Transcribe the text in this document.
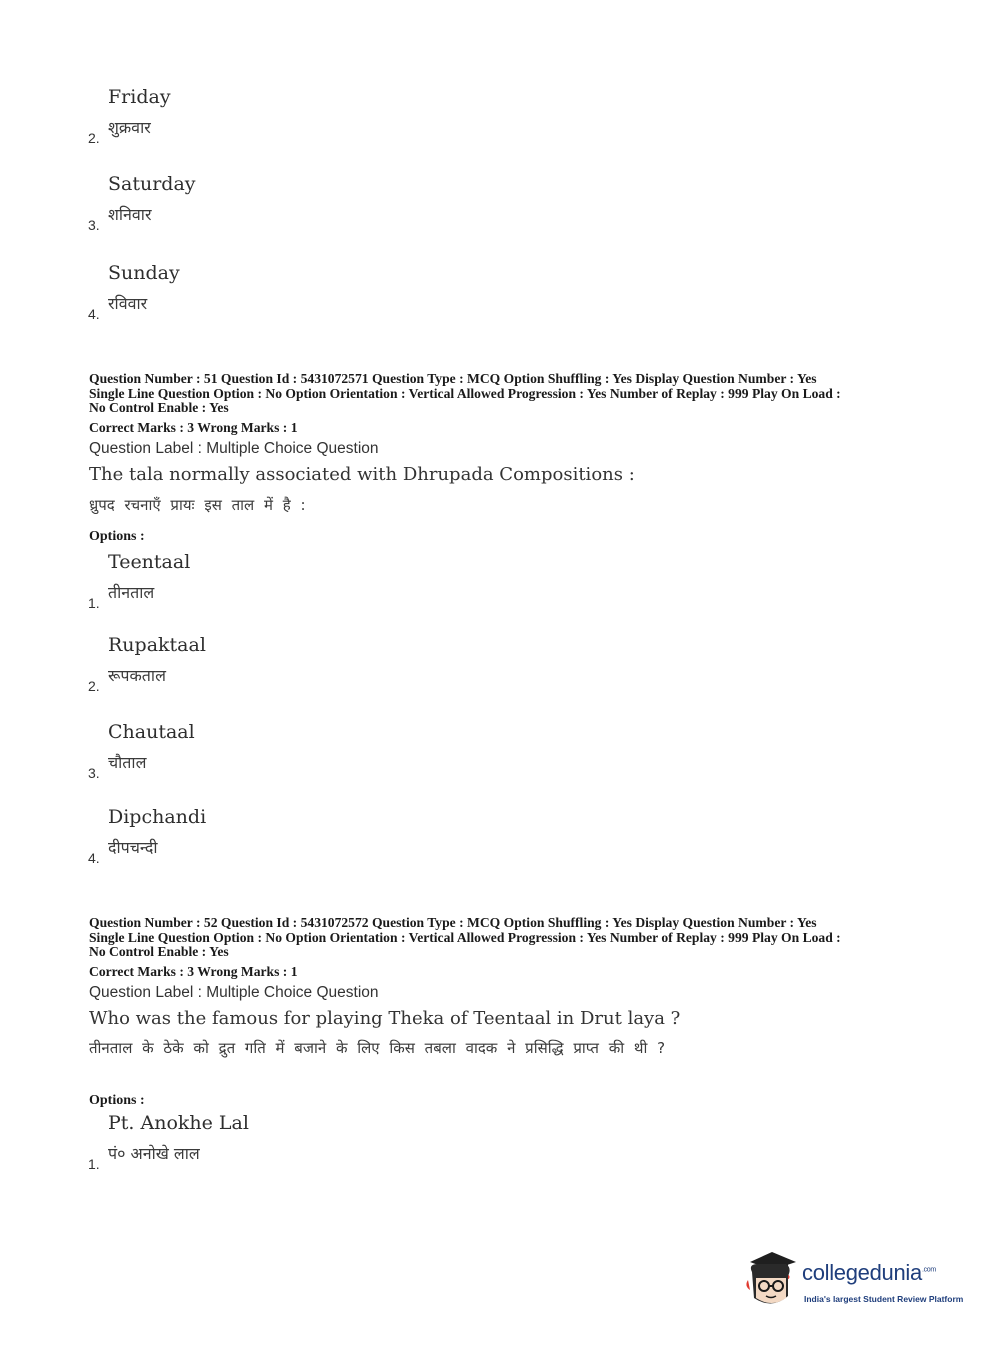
Friday
शुक्रवार
2.
Saturday
शनिवार
3.
Sunday
रविवार
4.
Question Number : 51 Question Id : 5431072571 Question Type : MCQ Option Shuffling : Yes Display Question Number : Yes
Single Line Question Option : No Option Orientation : Vertical Allowed Progression : Yes Number of Replay : 999 Play On Load :
No Control Enable : Yes
Correct Marks : 3 Wrong Marks : 1
Question Label : Multiple Choice Question
The tala normally associated with Dhrupada Compositions :
ध्रुपद रचनाएँ प्रायः इस ताल में है :
Options :
Teentaal
तीनताल
1.
Rupaktaal
रूपकताल
2.
Chautaal
चौताल
3.
Dipchandi
दीपचन्दी
4.
Question Number : 52 Question Id : 5431072572 Question Type : MCQ Option Shuffling : Yes Display Question Number : Yes
Single Line Question Option : No Option Orientation : Vertical Allowed Progression : Yes Number of Replay : 999 Play On Load :
No Control Enable : Yes
Correct Marks : 3 Wrong Marks : 1
Question Label : Multiple Choice Question
Who was the famous for playing Theka of Teentaal in Drut laya ?
तीनताल के ठेके को द्रुत गति में बजाने के लिए किस तबला वादक ने प्रसिद्धि प्राप्त की थी ?
Options :
Pt. Anokhe Lal
पं० अनोखे लाल
1.
collegedunia$^{.com}$
India's largest Student Review Platform
